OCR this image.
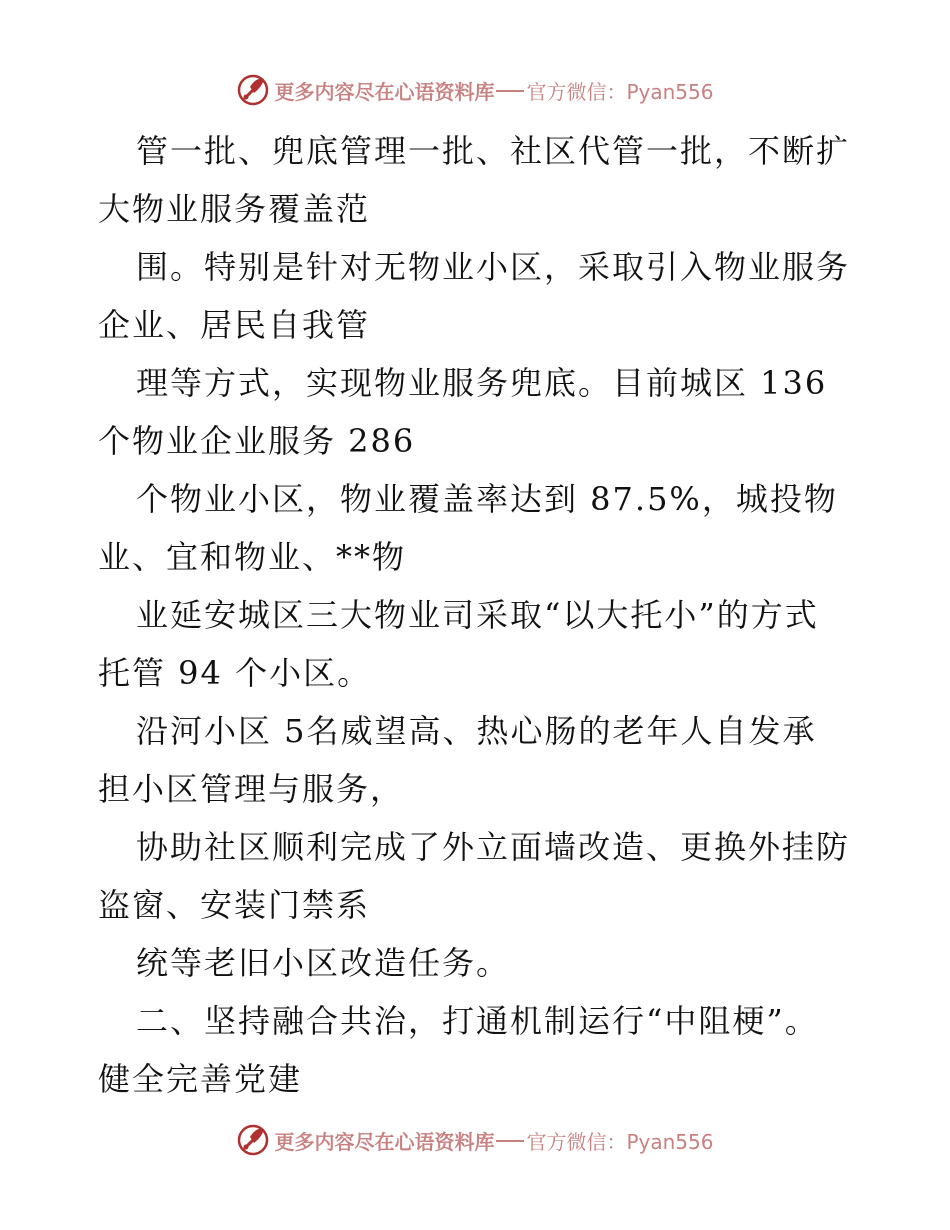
更多内容尽在心语资料库 官方微信：Pyan556
管一批、兜底管理一批、社区代管一批，不断扩
大物业服务覆盖范
围。特别是针对无物业小区，采取引入物业服务
企业、居民自我管
理等方式，实现物业服务兜底。目前城区 136
个物业企业服务 286
个物业小区，物业覆盖率达到 87.5%，城投物
业、宜和物业、**物
业延安城区三大物业司采取“以大托小”的方式
托管 94 个小区。
沿河小区 5名威望高、热心肠的老年人自发承
担小区管理与服务，
协助社区顺利完成了外立面墙改造、更换外挂防
盗窗、安装门禁系
统等老旧小区改造任务。
二、坚持融合共治，打通机制运行“中阻梗”。
健全完善党建
更多内容尽在心语资料库 官方微信：Pyan556
